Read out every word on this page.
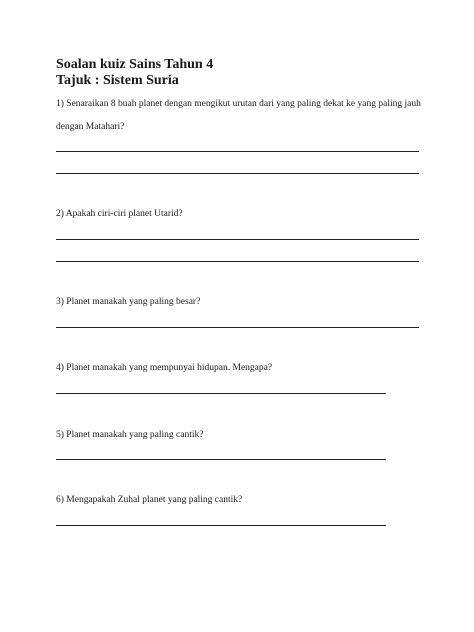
Soalan kuiz Sains Tahun 4
Tajuk : Sistem Suria
1) Senaraikan 8 buah planet dengan mengikut urutan dari yang paling dekat ke yang paling jauh
dengan Matahari?
2) Apakah ciri-ciri planet Utarid?
3) Planet manakah yang paling besar?
4) Planet manakah yang mempunyai hidupan. Mengapa?
5) Planet manakah yang paling cantik?
6) Mengapakah Zuhal planet yang paling cantik?
